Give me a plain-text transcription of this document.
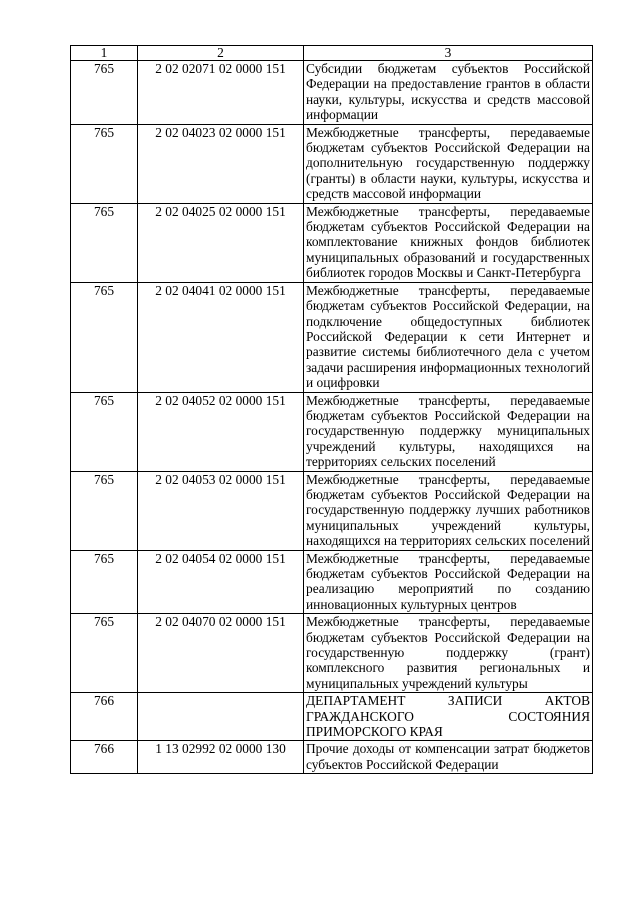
1	2	3
765	2 02 02071 02 0000 151	Субсидии бюджетам субъектов Российской Федерации на предоставление грантов в области науки, культуры, искусства и средств массовой информации
765	2 02 04023 02 0000 151	Межбюджетные трансферты, передаваемые бюджетам субъектов Российской Федерации на дополнительную государственную поддержку (гранты) в области науки, культуры, искусства и средств массовой информации
765	2 02 04025 02 0000 151	Межбюджетные трансферты, передаваемые бюджетам субъектов Российской Федерации на комплектование книжных фондов библиотек муниципальных образований и государственных библиотек городов Москвы и Санкт-Петербурга
765	2 02 04041 02 0000 151	Межбюджетные трансферты, передаваемые бюджетам субъектов Российской Федерации, на подключение общедоступных библиотек Российской Федерации к сети Интернет и развитие системы библиотечного дела с учетом задачи расширения информационных технологий и оцифровки
765	2 02 04052 02 0000 151	Межбюджетные трансферты, передаваемые бюджетам субъектов Российской Федерации на государственную поддержку муниципальных учреждений культуры, находящихся на территориях сельских поселений
765	2 02 04053 02 0000 151	Межбюджетные трансферты, передаваемые бюджетам субъектов Российской Федерации на государственную поддержку лучших работников муниципальных учреждений культуры, находящихся на территориях сельских поселений
765	2 02 04054 02 0000 151	Межбюджетные трансферты, передаваемые бюджетам субъектов Российской Федерации на реализацию мероприятий по созданию инновационных культурных центров
765	2 02 04070 02 0000 151	Межбюджетные трансферты, передаваемые бюджетам субъектов Российской Федерации на государственную поддержку (грант) комплексного развития региональных и муниципальных учреждений культуры
766		ДЕПАРТАМЕНТ ЗАПИСИ АКТОВ ГРАЖДАНСКОГО СОСТОЯНИЯ ПРИМОРСКОГО КРАЯ
766	1 13 02992 02 0000 130	Прочие доходы от компенсации затрат бюджетов субъектов Российской Федерации
